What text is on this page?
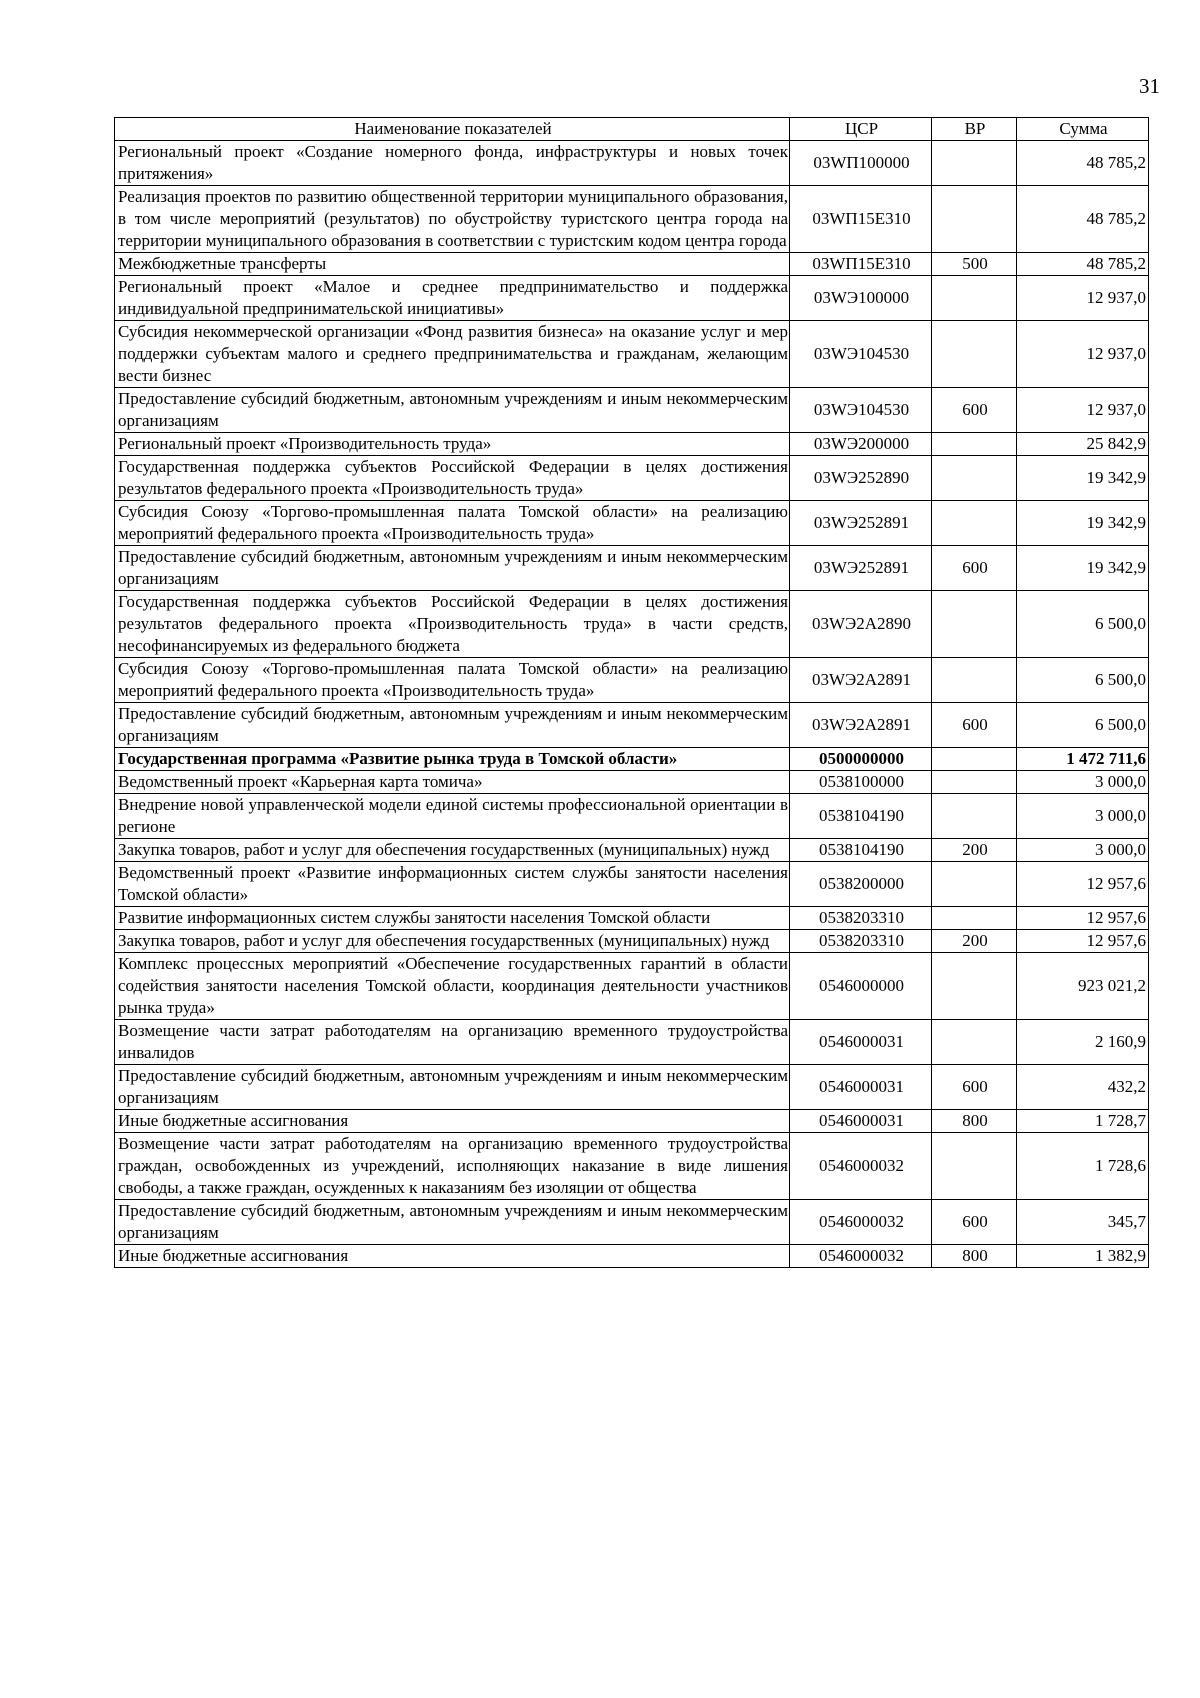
31
Наименование показателей	ЦСР	ВР	Сумма
Региональный проект «Создание номерного фонда, инфраструктуры и новых точек притяжения»	03WП100000		48 785,2
Реализация проектов по развитию общественной территории муниципального образования, в том числе мероприятий (результатов) по обустройству туристского центра города на территории муниципального образования в соответствии с туристским кодом центра города	03WП15Е310		48 785,2
Межбюджетные трансферты	03WП15Е310	500	48 785,2
Региональный проект «Малое и среднее предпринимательство и поддержка индивидуальной предпринимательской инициативы»	03WЭ100000		12 937,0
Субсидия некоммерческой организации «Фонд развития бизнеса» на оказание услуг и мер поддержки субъектам малого и среднего предпринимательства и гражданам, желающим вести бизнес	03WЭ104530		12 937,0
Предоставление субсидий бюджетным, автономным учреждениям и иным некоммерческим организациям	03WЭ104530	600	12 937,0
Региональный проект «Производительность труда»	03WЭ200000		25 842,9
Государственная поддержка субъектов Российской Федерации в целях достижения результатов федерального проекта «Производительность труда»	03WЭ252890		19 342,9
Субсидия Союзу «Торгово-промышленная палата Томской области» на реализацию мероприятий федерального проекта «Производительность труда»	03WЭ252891		19 342,9
Предоставление субсидий бюджетным, автономным учреждениям и иным некоммерческим организациям	03WЭ252891	600	19 342,9
Государственная поддержка субъектов Российской Федерации в целях достижения результатов федерального проекта «Производительность труда» в части средств, несофинансируемых из федерального бюджета	03WЭ2А2890		6 500,0
Субсидия Союзу «Торгово-промышленная палата Томской области» на реализацию мероприятий федерального проекта «Производительность труда»	03WЭ2А2891		6 500,0
Предоставление субсидий бюджетным, автономным учреждениям и иным некоммерческим организациям	03WЭ2А2891	600	6 500,0
Государственная программа «Развитие рынка труда в Томской области»	0500000000		1 472 711,6
Ведомственный проект «Карьерная карта томича»	0538100000		3 000,0
Внедрение новой управленческой модели единой системы профессиональной ориентации в регионе	0538104190		3 000,0
Закупка товаров, работ и услуг для обеспечения государственных (муниципальных) нужд	0538104190	200	3 000,0
Ведомственный проект «Развитие информационных систем службы занятости населения Томской области»	0538200000		12 957,6
Развитие информационных систем службы занятости населения Томской области	0538203310		12 957,6
Закупка товаров, работ и услуг для обеспечения государственных (муниципальных) нужд	0538203310	200	12 957,6
Комплекс процессных мероприятий «Обеспечение государственных гарантий в области содействия занятости населения Томской области, координация деятельности участников рынка труда»	0546000000		923 021,2
Возмещение части затрат работодателям на организацию временного трудоустройства инвалидов	0546000031		2 160,9
Предоставление субсидий бюджетным, автономным учреждениям и иным некоммерческим организациям	0546000031	600	432,2
Иные бюджетные ассигнования	0546000031	800	1 728,7
Возмещение части затрат работодателям на организацию временного трудоустройства граждан, освобожденных из учреждений, исполняющих наказание в виде лишения свободы, а также граждан, осужденных к наказаниям без изоляции от общества	0546000032		1 728,6
Предоставление субсидий бюджетным, автономным учреждениям и иным некоммерческим организациям	0546000032	600	345,7
Иные бюджетные ассигнования	0546000032	800	1 382,9
